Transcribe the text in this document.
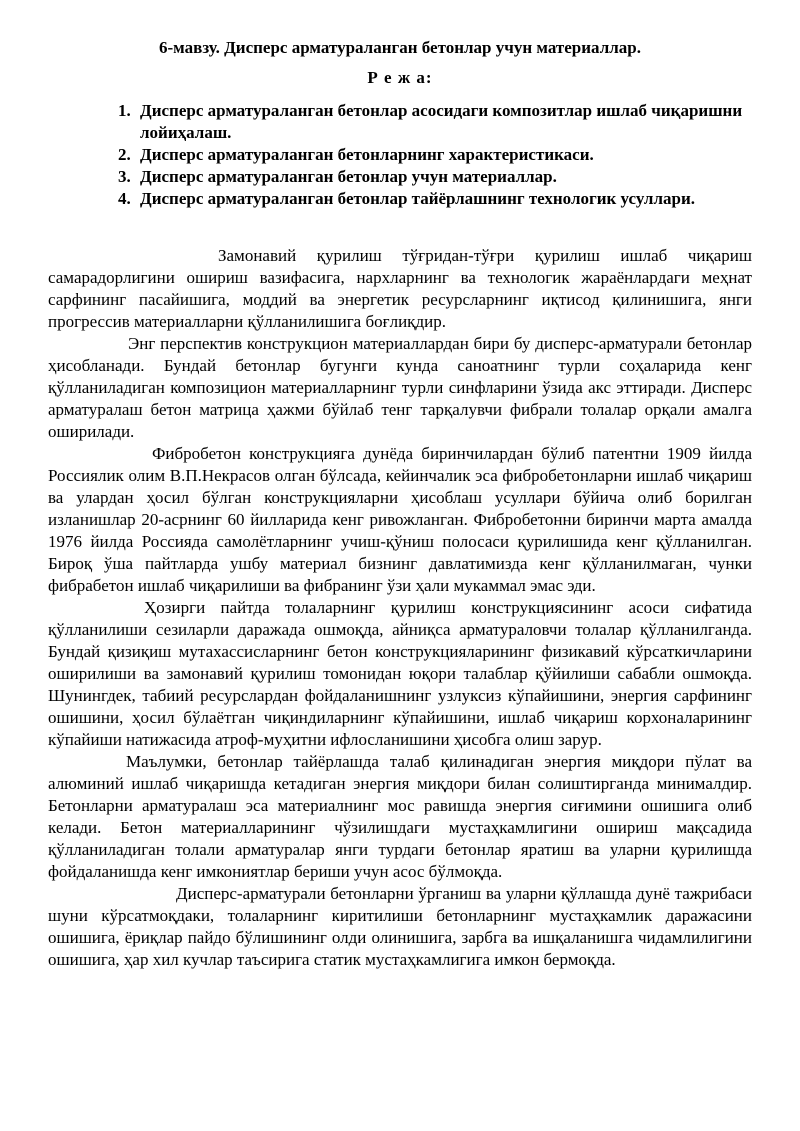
6-мавзу. Дисперс арматураланган бетонлар учун материаллар.

Р е ж а:

1. Дисперс арматураланган бетонлар асосидаги композитлар ишлаб чиқаришни лойиҳалаш.
2. Дисперс арматураланган бетонларнинг характеристикаси.
3. Дисперс арматураланган бетонлар учун материаллар.
4. Дисперс арматураланган бетонлар тайёрлашнинг технологик усуллари.

Замонавий қурилиш тўғридан-тўғри қурилиш ишлаб чиқариш самарадорлигини ошириш вазифасига, нархларнинг ва технологик жараёнлардаги меҳнат сарфининг пасайишига, моддий ва энергетик ресурсларнинг иқтисод қилинишига, янги прогрессив материалларни қўлланилишига боғлиқдир.

Энг перспектив конструкцион материаллардан бири бу дисперс-арматурали бетонлар ҳисобланади. Бундай бетонлар бугунги кунда саноатнинг турли соҳаларида кенг қўлланиладиган композицион материалларнинг турли синфларини ўзида акс эттиради. Дисперс арматуралаш бетон матрица ҳажми бўйлаб тенг тарқалувчи фибрали толалар орқали амалга оширилади.

Фибробетон конструкцияга дунёда биринчилардан бўлиб патентни 1909 йилда Россиялик олим В.П.Некрасов олган бўлсада, кейинчалик эса фибробетонларни ишлаб чиқариш ва улардан ҳосил бўлган конструкцияларни ҳисоблаш усуллари бўйича олиб борилган изланишлар 20-асрнинг 60 йилларида кенг ривожланган. Фибробетонни биринчи марта амалда 1976 йилда Россияда самолётларнинг учиш-қўниш полосаси қурилишида кенг қўлланилган. Бироқ ўша пайтларда ушбу материал бизнинг давлатимизда кенг қўлланилмаган, чунки фибрабетон ишлаб чиқарилиши ва фибранинг ўзи ҳали мукаммал эмас эди.

Ҳозирги пайтда толаларнинг қурилиш конструкциясининг асоси сифатида қўлланилиши сезиларли даражада ошмоқда, айниқса арматураловчи толалар қўлланилганда. Бундай қизиқиш мутахассисларнинг бетон конструкцияларининг физикавий кўрсаткичларини оширилиши ва замонавий қурилиш томонидан юқори талаблар қўйилиши сабабли ошмоқда. Шунингдек, табиий ресурслардан фойдаланишнинг узлуксиз кўпайишини, энергия сарфининг ошишини, ҳосил бўлаётган чиқиндиларнинг кўпайишини, ишлаб чиқариш корхоналарининг кўпайиши натижасида атроф-муҳитни ифлосланишини ҳисобга олиш зарур.

Маълумки, бетонлар тайёрлашда талаб қилинадиган энергия миқдори пўлат ва алюминий ишлаб чиқаришда кетадиган энергия миқдори билан солиштирганда минималдир. Бетонларни арматуралаш эса материалнинг мос равишда энергия сиғимини ошишига олиб келади. Бетон материалларининг чўзилишдаги мустаҳкамлигини ошириш мақсадида қўлланиладиган толали арматуралар янги турдаги бетонлар яратиш ва уларни қурилишда фойдаланишда кенг имкониятлар бериши учун асос бўлмоқда.

Дисперс-арматурали бетонларни ўрганиш ва уларни қўллашда дунё тажрибаси шуни кўрсатмоқдаки, толаларнинг киритилиши бетонларнинг мустаҳкамлик даражасини ошишига, ёриқлар пайдо бўлишининг олди олинишига, зарбга ва ишқаланишга чидамлилигини ошишига, ҳар хил кучлар таъсирига статик мустаҳкамлигига имкон бермоқда.
